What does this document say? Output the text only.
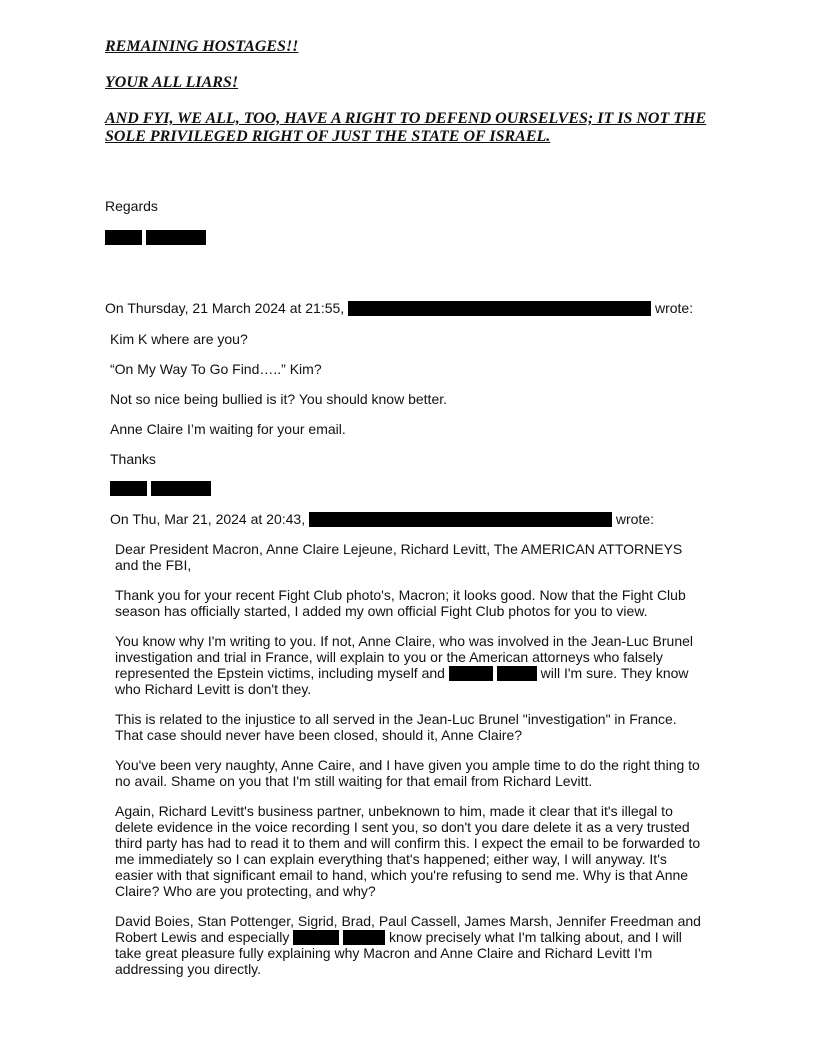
REMAINING HOSTAGES!!

YOUR ALL LIARS!

AND FYI, WE ALL, TOO, HAVE A RIGHT TO DEFEND OURSELVES; IT IS NOT THE SOLE PRIVILEGED RIGHT OF JUST THE STATE OF ISRAEL.

Regards

On Thursday, 21 March 2024 at 21:55,	wrote:

Kim K where are you?

“On My Way To Go Find…..” Kim?

Not so nice being bullied is it? You should know better.

Anne Claire I’m waiting for your email.

Thanks

On Thu, Mar 21, 2024 at 20:43,	wrote:

Dear President Macron, Anne Claire Lejeune, Richard Levitt, The AMERICAN ATTORNEYS and the FBI,

Thank you for your recent Fight Club photo's, Macron; it looks good. Now that the Fight Club season has officially started, I added my own official Fight Club photos for you to view.

You know why I'm writing to you. If not, Anne Claire, who was involved in the Jean-Luc Brunel investigation and trial in France, will explain to you or the American attorneys who falsely represented the Epstein victims, including myself and	will I'm sure. They know who Richard Levitt is don't they.

This is related to the injustice to all served in the Jean-Luc Brunel "investigation" in France. That case should never have been closed, should it, Anne Claire?

You've been very naughty, Anne Caire, and I have given you ample time to do the right thing to no avail. Shame on you that I'm still waiting for that email from Richard Levitt.

Again, Richard Levitt's business partner, unbeknown to him, made it clear that it's illegal to delete evidence in the voice recording I sent you, so don't you dare delete it as a very trusted third party has had to read it to them and will confirm this. I expect the email to be forwarded to me immediately so I can explain everything that's happened; either way, I will anyway. It's easier with that significant email to hand, which you're refusing to send me. Why is that Anne Claire? Who are you protecting, and why?

David Boies, Stan Pottenger, Sigrid, Brad, Paul Cassell, James Marsh, Jennifer Freedman and Robert Lewis and especially	know precisely what I'm talking about, and I will take great pleasure fully explaining why Macron and Anne Claire and Richard Levitt I'm addressing you directly.
